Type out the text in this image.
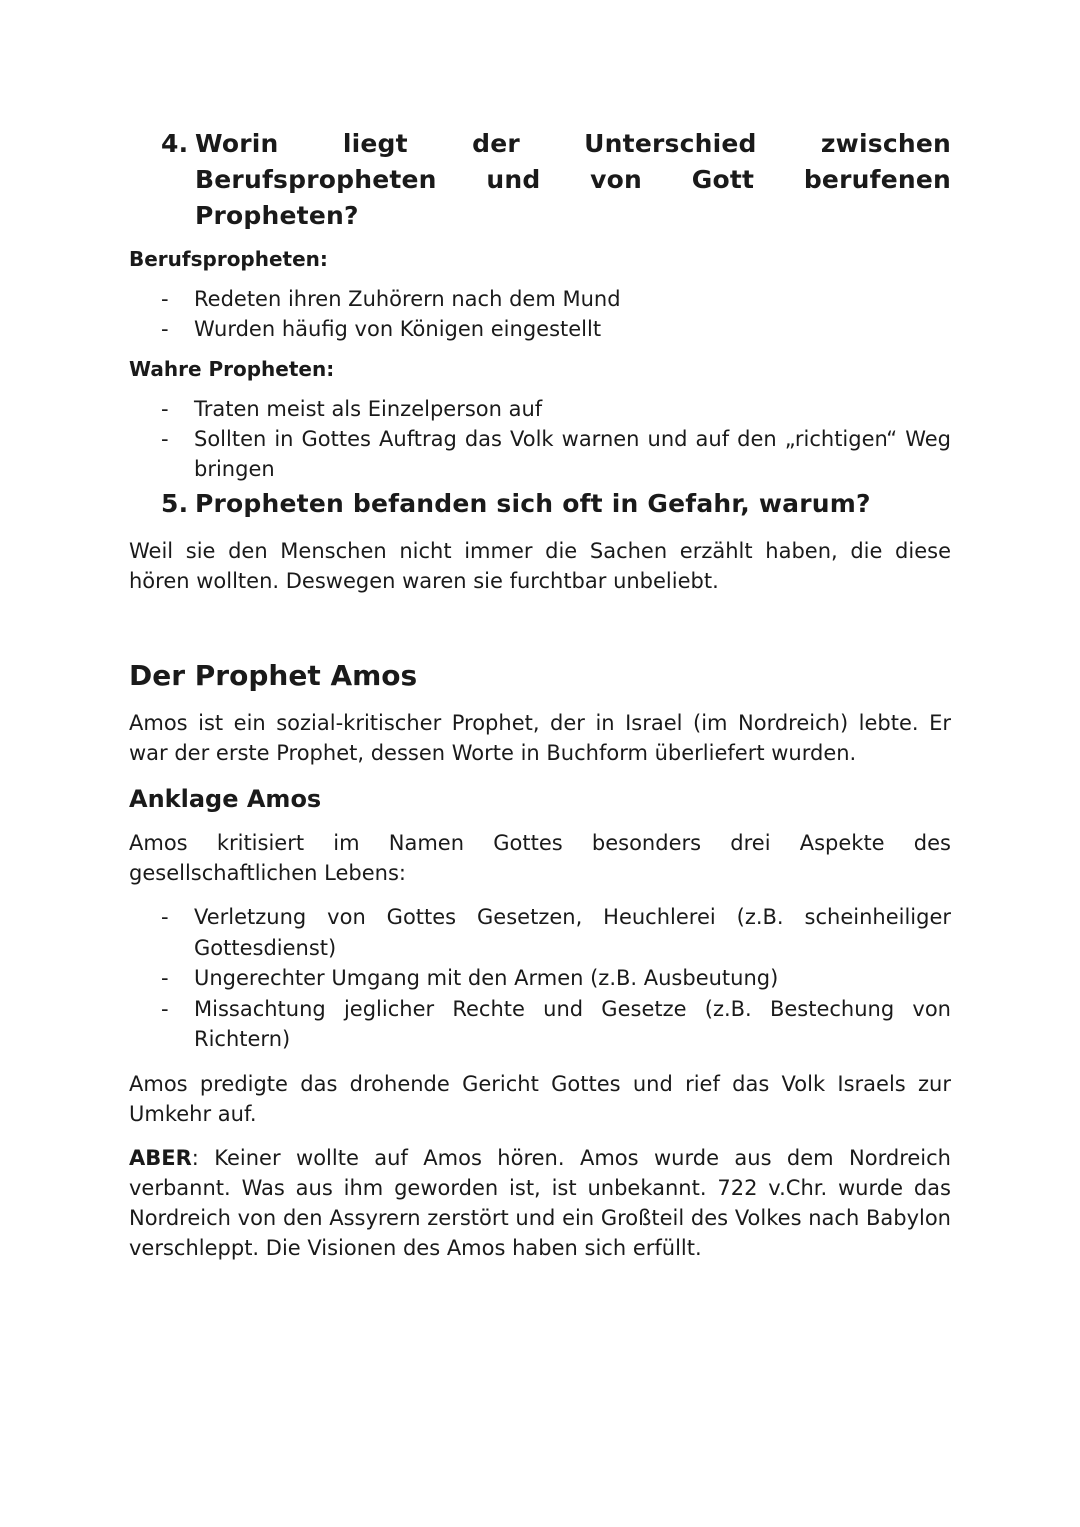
4. Worin liegt der Unterschied zwischen Berufspropheten und von Gott berufenen Propheten?
Berufspropheten:
- Redeten ihren Zuhörern nach dem Mund
- Wurden häufig von Königen eingestellt
Wahre Propheten:
- Traten meist als Einzelperson auf
- Sollten in Gottes Auftrag das Volk warnen und auf den „richtigen“ Weg bringen
5. Propheten befanden sich oft in Gefahr, warum?

Weil sie den Menschen nicht immer die Sachen erzählt haben, die diese hören wollten. Deswegen waren sie furchtbar unbeliebt.

Der Prophet Amos

Amos ist ein sozial-kritischer Prophet, der in Israel (im Nordreich) lebte. Er war der erste Prophet, dessen Worte in Buchform überliefert wurden.

Anklage Amos

Amos kritisiert im Namen Gottes besonders drei Aspekte des gesellschaftlichen Lebens:

- Verletzung von Gottes Gesetzen, Heuchlerei (z.B. scheinheiliger Gottesdienst)
- Ungerechter Umgang mit den Armen (z.B. Ausbeutung)
- Missachtung jeglicher Rechte und Gesetze (z.B. Bestechung von Richtern)

Amos predigte das drohende Gericht Gottes und rief das Volk Israels zur Umkehr auf.

ABER: Keiner wollte auf Amos hören. Amos wurde aus dem Nordreich verbannt. Was aus ihm geworden ist, ist unbekannt. 722 v.Chr. wurde das Nordreich von den Assyrern zerstört und ein Großteil des Volkes nach Babylon verschleppt. Die Visionen des Amos haben sich erfüllt.
